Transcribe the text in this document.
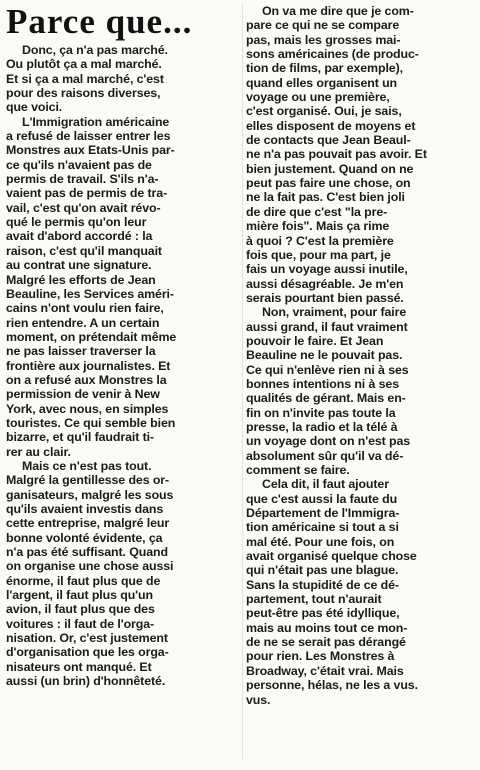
Parce que...
Donc, ça n'a pas marché.
Ou plutôt ça a mal marché.
Et si ça a mal marché, c'est
pour des raisons diverses,
que voici.
L'Immigration américaine
a refusé de laisser entrer les
Monstres aux Etats-Unis par-
ce qu'ils n'avaient pas de
permis de travail. S'ils n'a-
vaient pas de permis de tra-
vail, c'est qu'on avait révo-
qué le permis qu'on leur
avait d'abord accordé : la
raison, c'est qu'il manquait
au contrat une signature.
Malgré les efforts de Jean
Beauline, les Services améri-
cains n'ont voulu rien faire,
rien entendre. A un certain
moment, on prétendait même
ne pas laisser traverser la
frontière aux journalistes. Et
on a refusé aux Monstres la
permission de venir à New
York, avec nous, en simples
touristes. Ce qui semble bien
bizarre, et qu'il faudrait ti-
rer au clair.
Mais ce n'est pas tout.
Malgré la gentillesse des or-
ganisateurs, malgré les sous
qu'ils avaient investis dans
cette entreprise, malgré leur
bonne volonté évidente, ça
n'a pas été suffisant. Quand
on organise une chose aussi
énorme, il faut plus que de
l'argent, il faut plus qu'un
avion, il faut plus que des
voitures : il faut de l'orga-
nisation. Or, c'est justement
d'organisation que les orga-
nisateurs ont manqué. Et
aussi (un brin) d'honnêteté.
On va me dire que je com-
pare ce qui ne se compare
pas, mais les grosses mai-
sons américaines (de produc-
tion de films, par exemple),
quand elles organisent un
voyage ou une première,
c'est organisé. Oui, je sais,
elles disposent de moyens et
de contacts que Jean Beaul-
ne n'a pas pouvait pas avoir. Et
bien justement. Quand on ne
peut pas faire une chose, on
ne la fait pas. C'est bien joli
de dire que c'est "la pre-
mière fois". Mais ça rime
à quoi ? C'est la première
fois que, pour ma part, je
fais un voyage aussi inutile,
aussi désagréable. Je m'en
serais pourtant bien passé.
Non, vraiment, pour faire
aussi grand, il faut vraiment
pouvoir le faire. Et Jean
Beauline ne le pouvait pas.
Ce qui n'enlève rien ni à ses
bonnes intentions ni à ses
qualités de gérant. Mais en-
fin on n'invite pas toute la
presse, la radio et la télé à
un voyage dont on n'est pas
absolument sûr qu'il va dé-
comment se faire.
Cela dit, il faut ajouter
que c'est aussi la faute du
Département de l'Immigra-
tion américaine si tout a si
mal été. Pour une fois, on
avait organisé quelque chose
qui n'était pas une blague.
Sans la stupidité de ce dé-
partement, tout n'aurait
peut-être pas été idyllique,
mais au moins tout ce mon-
de ne se serait pas dérangé
pour rien. Les Monstres à
Broadway, c'était vrai. Mais
personne, hélas, ne les a vus.
vus.
